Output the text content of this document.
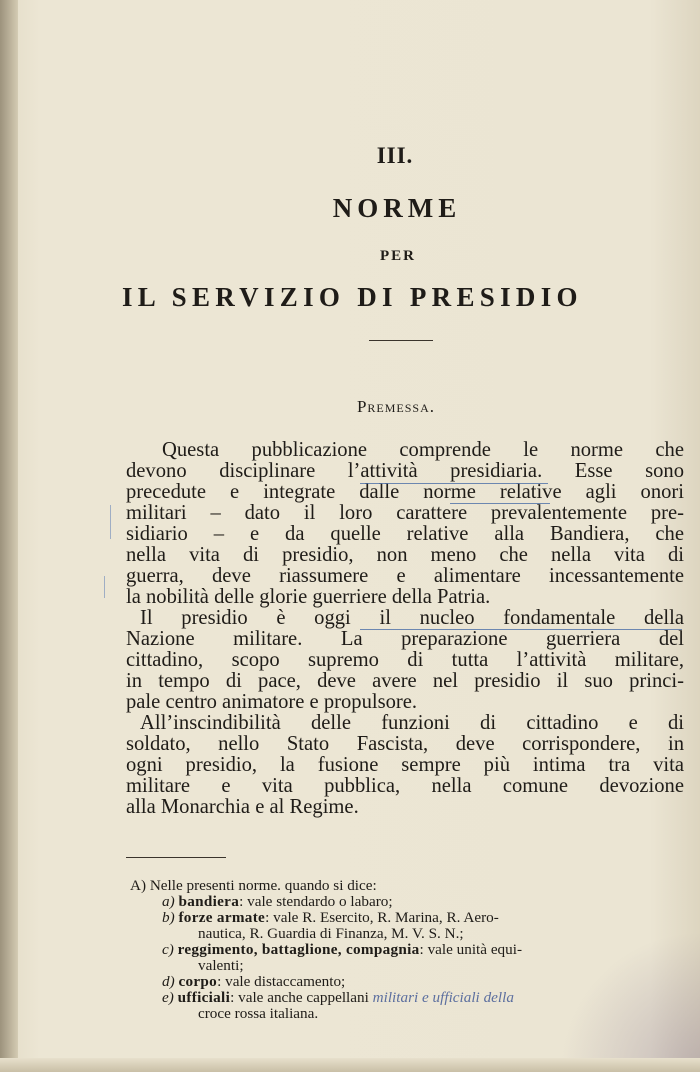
III.
NORME
PER
IL SERVIZIO DI PRESIDIO
Premessa.
Questa pubblicazione comprende le norme che
devono disciplinare l’attività presidiaria. Esse sono
precedute e integrate dalle norme relative agli onori
militari – dato il loro carattere prevalentemente pre-
sidiario – e da quelle relative alla Bandiera, che
nella vita di presidio, non meno che nella vita di
guerra, deve riassumere e alimentare incessantemente
la nobilità delle glorie guerriere della Patria.
Il presidio è oggi il nucleo fondamentale della
Nazione militare. La preparazione guerriera del
cittadino, scopo supremo di tutta l’attività militare,
in tempo di pace, deve avere nel presidio il suo princi-
pale centro animatore e propulsore.
All’inscindibilità delle funzioni di cittadino e di
soldato, nello Stato Fascista, deve corrispondere, in
ogni presidio, la fusione sempre più intima tra vita
militare e vita pubblica, nella comune devozione
alla Monarchia e al Regime.
A) Nelle presenti norme. quando si dice:
a) bandiera: vale stendardo o labaro;
b) forze armate: vale R. Esercito, R. Marina, R. Aero-
nautica, R. Guardia di Finanza, M. V. S. N.;
c) reggimento, battaglione, compagnia: vale unità equi-
valenti;
d) corpo: vale distaccamento;
e) ufficiali: vale anche cappellani militari e ufficiali della
croce rossa italiana.
